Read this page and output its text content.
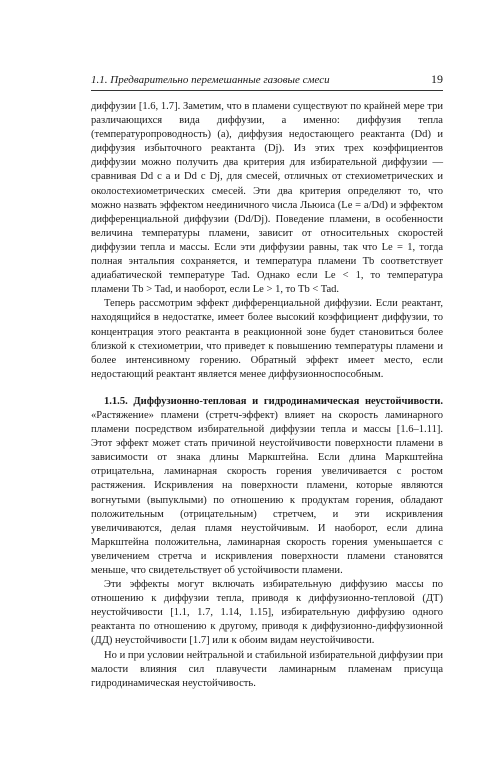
1.1. Предварительно перемешанные газовые смеси	19

диффузии [1.6, 1.7]. Заметим, что в пламени существуют по крайней мере три различающихся вида диффузии, а именно: диффузия тепла (температуропроводность) (a), диффузия недостающего реактанта (Dd) и диффузия избыточного реактанта (Dj). Из этих трех коэффициентов диффузии можно получить два критерия для избирательной диффузии — сравнивая Dd с a и Dd с Dj, для смесей, отличных от стехиометрических и околостехиометрических смесей. Эти два критерия определяют то, что можно назвать эффектом неединичного числа Льюиса (Le = a/Dd) и эффектом дифференциальной диффузии (Dd/Dj). Поведение пламени, в особенности величина температуры пламени, зависит от относительных скоростей диффузии тепла и массы. Если эти диффузии равны, так что Le = 1, тогда полная энтальпия сохраняется, и температура пламени Tb соответствует адиабатической температуре Tad. Однако если Le < 1, то температура пламени Tb > Tad, и наоборот, если Le > 1, то Tb < Tad.

Теперь рассмотрим эффект дифференциальной диффузии. Если реактант, находящийся в недостатке, имеет более высокий коэффициент диффузии, то концентрация этого реактанта в реакционной зоне будет становиться более близкой к стехиометрии, что приведет к повышению температуры пламени и более интенсивному горению. Обратный эффект имеет место, если недостающий реактант является менее диффузионноспособным.

1.1.5. Диффузионно-тепловая и гидродинамическая неустойчивости. «Растяжение» пламени (стретч-эффект) влияет на скорость ламинарного пламени посредством избирательной диффузии тепла и массы [1.6–1.11]. Этот эффект может стать причиной неустойчивости поверхности пламени в зависимости от знака длины Маркштейна. Если длина Маркштейна отрицательна, ламинарная скорость горения увеличивается с ростом растяжения. Искривления на поверхности пламени, которые являются вогнутыми (выпуклыми) по отношению к продуктам горения, обладают положительным (отрицательным) стретчем, и эти искривления увеличиваются, делая пламя неустойчивым. И наоборот, если длина Маркштейна положительна, ламинарная скорость горения уменьшается с увеличением стретча и искривления поверхности пламени становятся меньше, что свидетельствует об устойчивости пламени.

Эти эффекты могут включать избирательную диффузию массы по отношению к диффузии тепла, приводя к диффузионно-тепловой (ДТ) неустойчивости [1.1, 1.7, 1.14, 1.15], избирательную диффузию одного реактанта по отношению к другому, приводя к диффузионно-диффузионной (ДД) неустойчивости [1.7] или к обоим видам неустойчивости.

Но и при условии нейтральной и стабильной избирательной диффузии при малости влияния сил плавучести ламинарным пламенам присуща гидродинамическая неустойчивость.
